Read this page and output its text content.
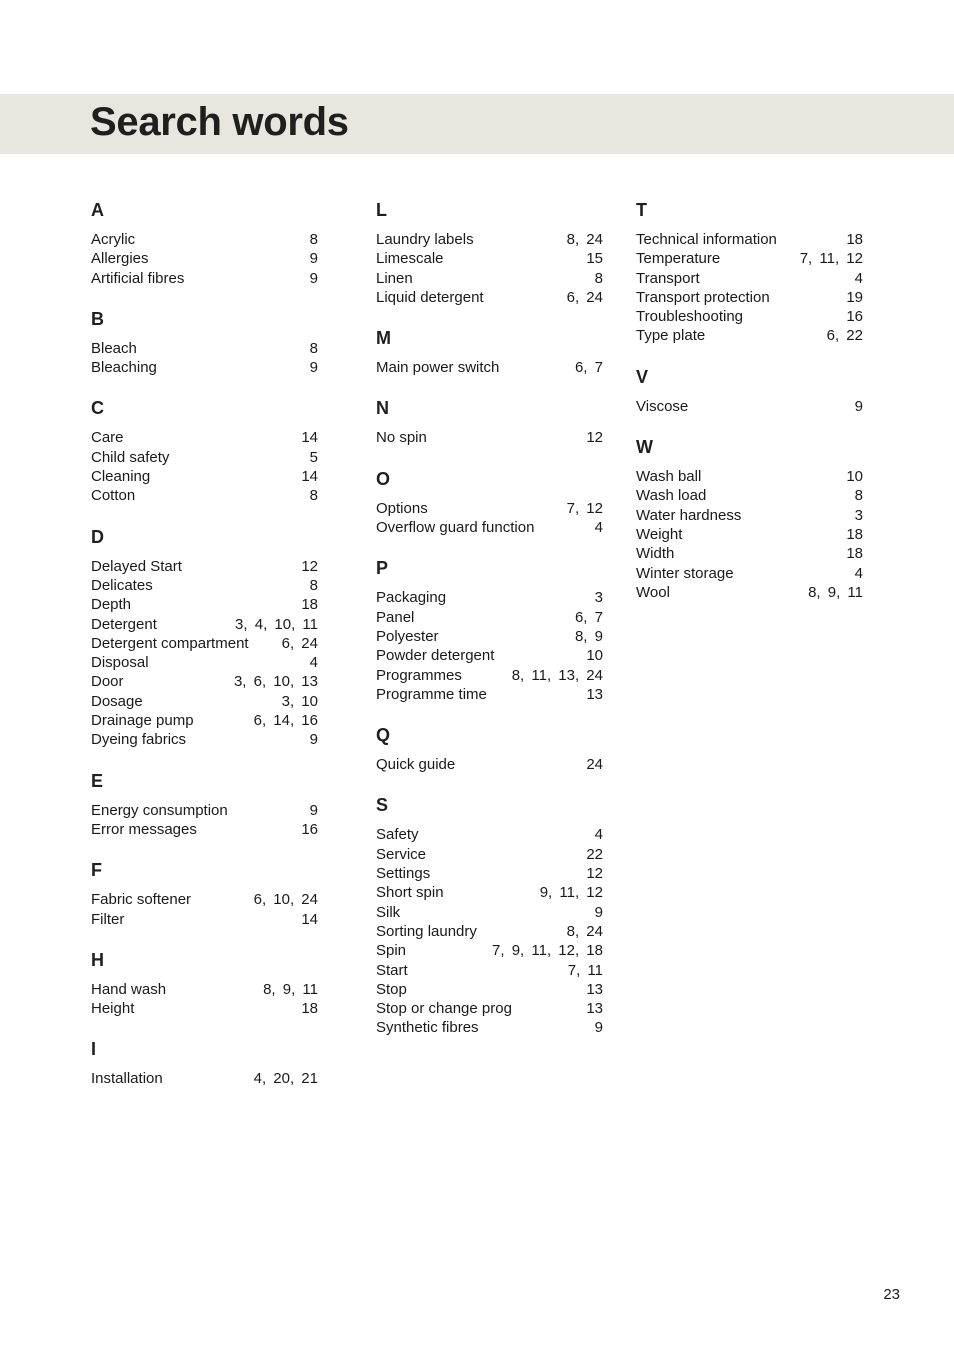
Search words
A
Acrylic	8
Allergies	9
Artificial fibres	9
B
Bleach	8
Bleaching	9
C
Care	14
Child safety	5
Cleaning	14
Cotton	8
D
Delayed Start	12
Delicates	8
Depth	18
Detergent	3, 4, 10, 11
Detergent compartment 6, 24
Disposal	4
Door	3, 6, 10, 13
Dosage	3, 10
Drainage pump	6, 14, 16
Dyeing fabrics	9
E
Energy consumption	9
Error messages	16
F
Fabric softener	6, 10, 24
Filter	14
H
Hand wash	8, 9, 11
Height	18
I
Installation	4, 20, 21
L
Laundry labels	8, 24
Limescale	15
Linen	8
Liquid detergent	6, 24
M
Main power switch	6, 7
N
No spin	12
O
Options	7, 12
Overflow guard function	4
P
Packaging	3
Panel	6, 7
Polyester	8, 9
Powder detergent	10
Programmes	8, 11, 13, 24
Programme time	13
Q
Quick guide	24
S
Safety	4
Service	22
Settings	12
Short spin	9, 11, 12
Silk	9
Sorting laundry	8, 24
Spin	7, 9, 11, 12, 18
Start	7, 11
Stop	13
Stop or change prog	13
Synthetic fibres	9
T
Technical information	18
Temperature	7, 11, 12
Transport	4
Transport protection	19
Troubleshooting	16
Type plate	6, 22
V
Viscose	9
W
Wash ball	10
Wash load	8
Water hardness	3
Weight	18
Width	18
Winter storage	4
Wool	8, 9, 11
23
